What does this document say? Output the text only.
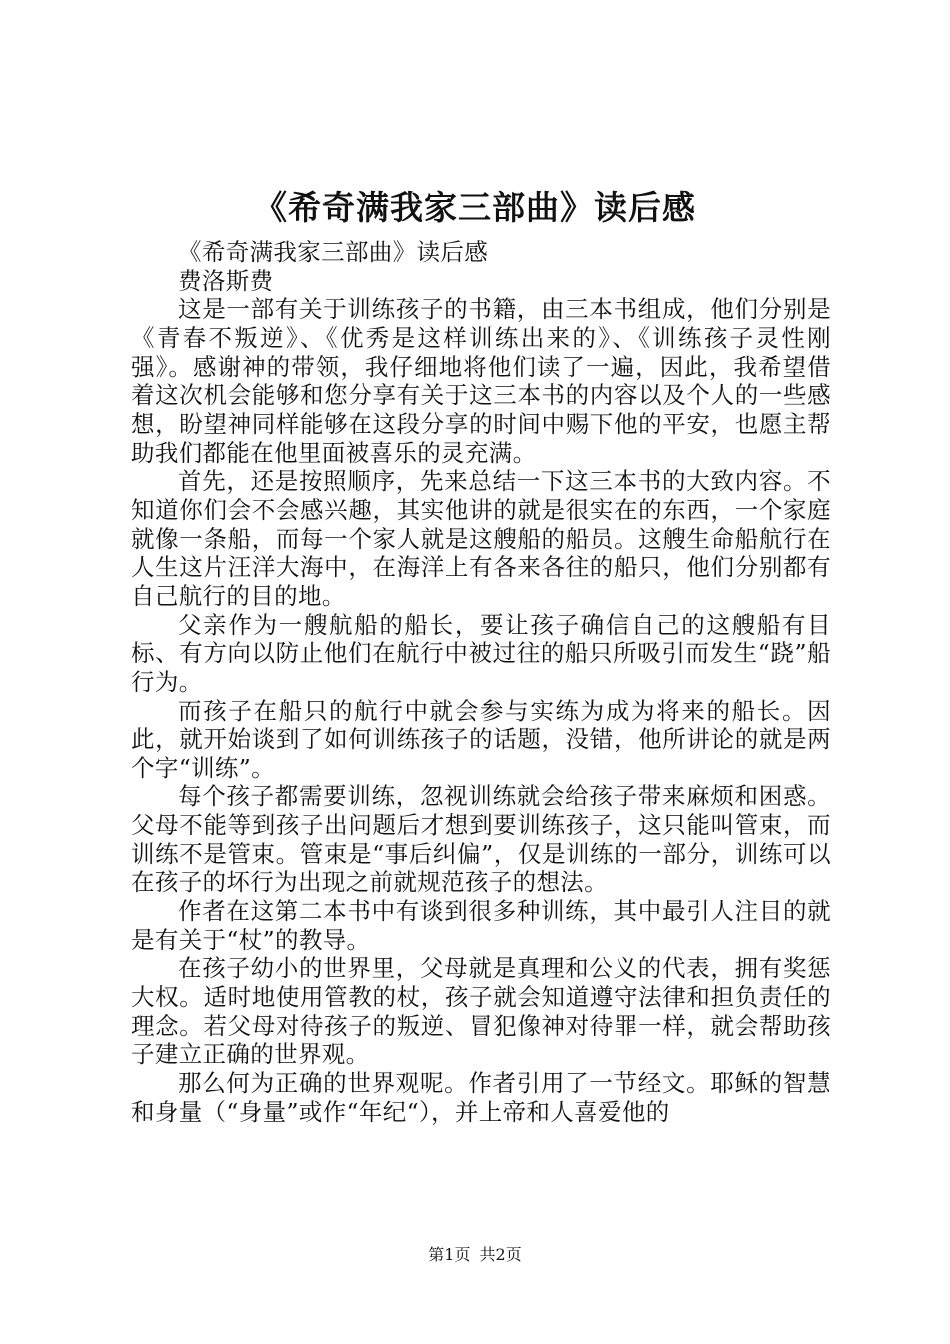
《希奇满我家三部曲》读后感

《希奇满我家三部曲》读后感

费洛斯费

这是一部有关于训练孩子的书籍，由三本书组成，他们分别是《青春不叛逆》、《优秀是这样训练出来的》、《训练孩子灵性刚强》。感谢神的带领，我仔细地将他们读了一遍，因此，我希望借着这次机会能够和您分享有关于这三本书的内容以及个人的一些感想，盼望神同样能够在这段分享的时间中赐下他的平安，也愿主帮助我们都能在他里面被喜乐的灵充满。

首先，还是按照顺序，先来总结一下这三本书的大致内容。不知道你们会不会感兴趣，其实他讲的就是很实在的东西，一个家庭就像一条船，而每一个家人就是这艘船的船员。这艘生命船航行在人生这片汪洋大海中，在海洋上有各来各往的船只，他们分别都有自己航行的目的地。

父亲作为一艘航船的船长，要让孩子确信自己的这艘船有目标、有方向以防止他们在航行中被过往的船只所吸引而发生“跷”船行为。

而孩子在船只的航行中就会参与实练为成为将来的船长。因此，就开始谈到了如何训练孩子的话题，没错，他所讲论的就是两个字“训练”。

每个孩子都需要训练，忽视训练就会给孩子带来麻烦和困惑。父母不能等到孩子出问题后才想到要训练孩子，这只能叫管束，而训练不是管束。管束是“事后纠偏”，仅是训练的一部分，训练可以在孩子的坏行为出现之前就规范孩子的想法。

作者在这第二本书中有谈到很多种训练，其中最引人注目的就是有关于“杖”的教导。

在孩子幼小的世界里，父母就是真理和公义的代表，拥有奖惩大权。适时地使用管教的杖，孩子就会知道遵守法律和担负责任的理念。若父母对待孩子的叛逆、冒犯像神对待罪一样，就会帮助孩子建立正确的世界观。

那么何为正确的世界观呢。作者引用了一节经文。耶稣的智慧和身量（“身量”或作“年纪“），并上帝和人喜爱他的

第1页 共2页
